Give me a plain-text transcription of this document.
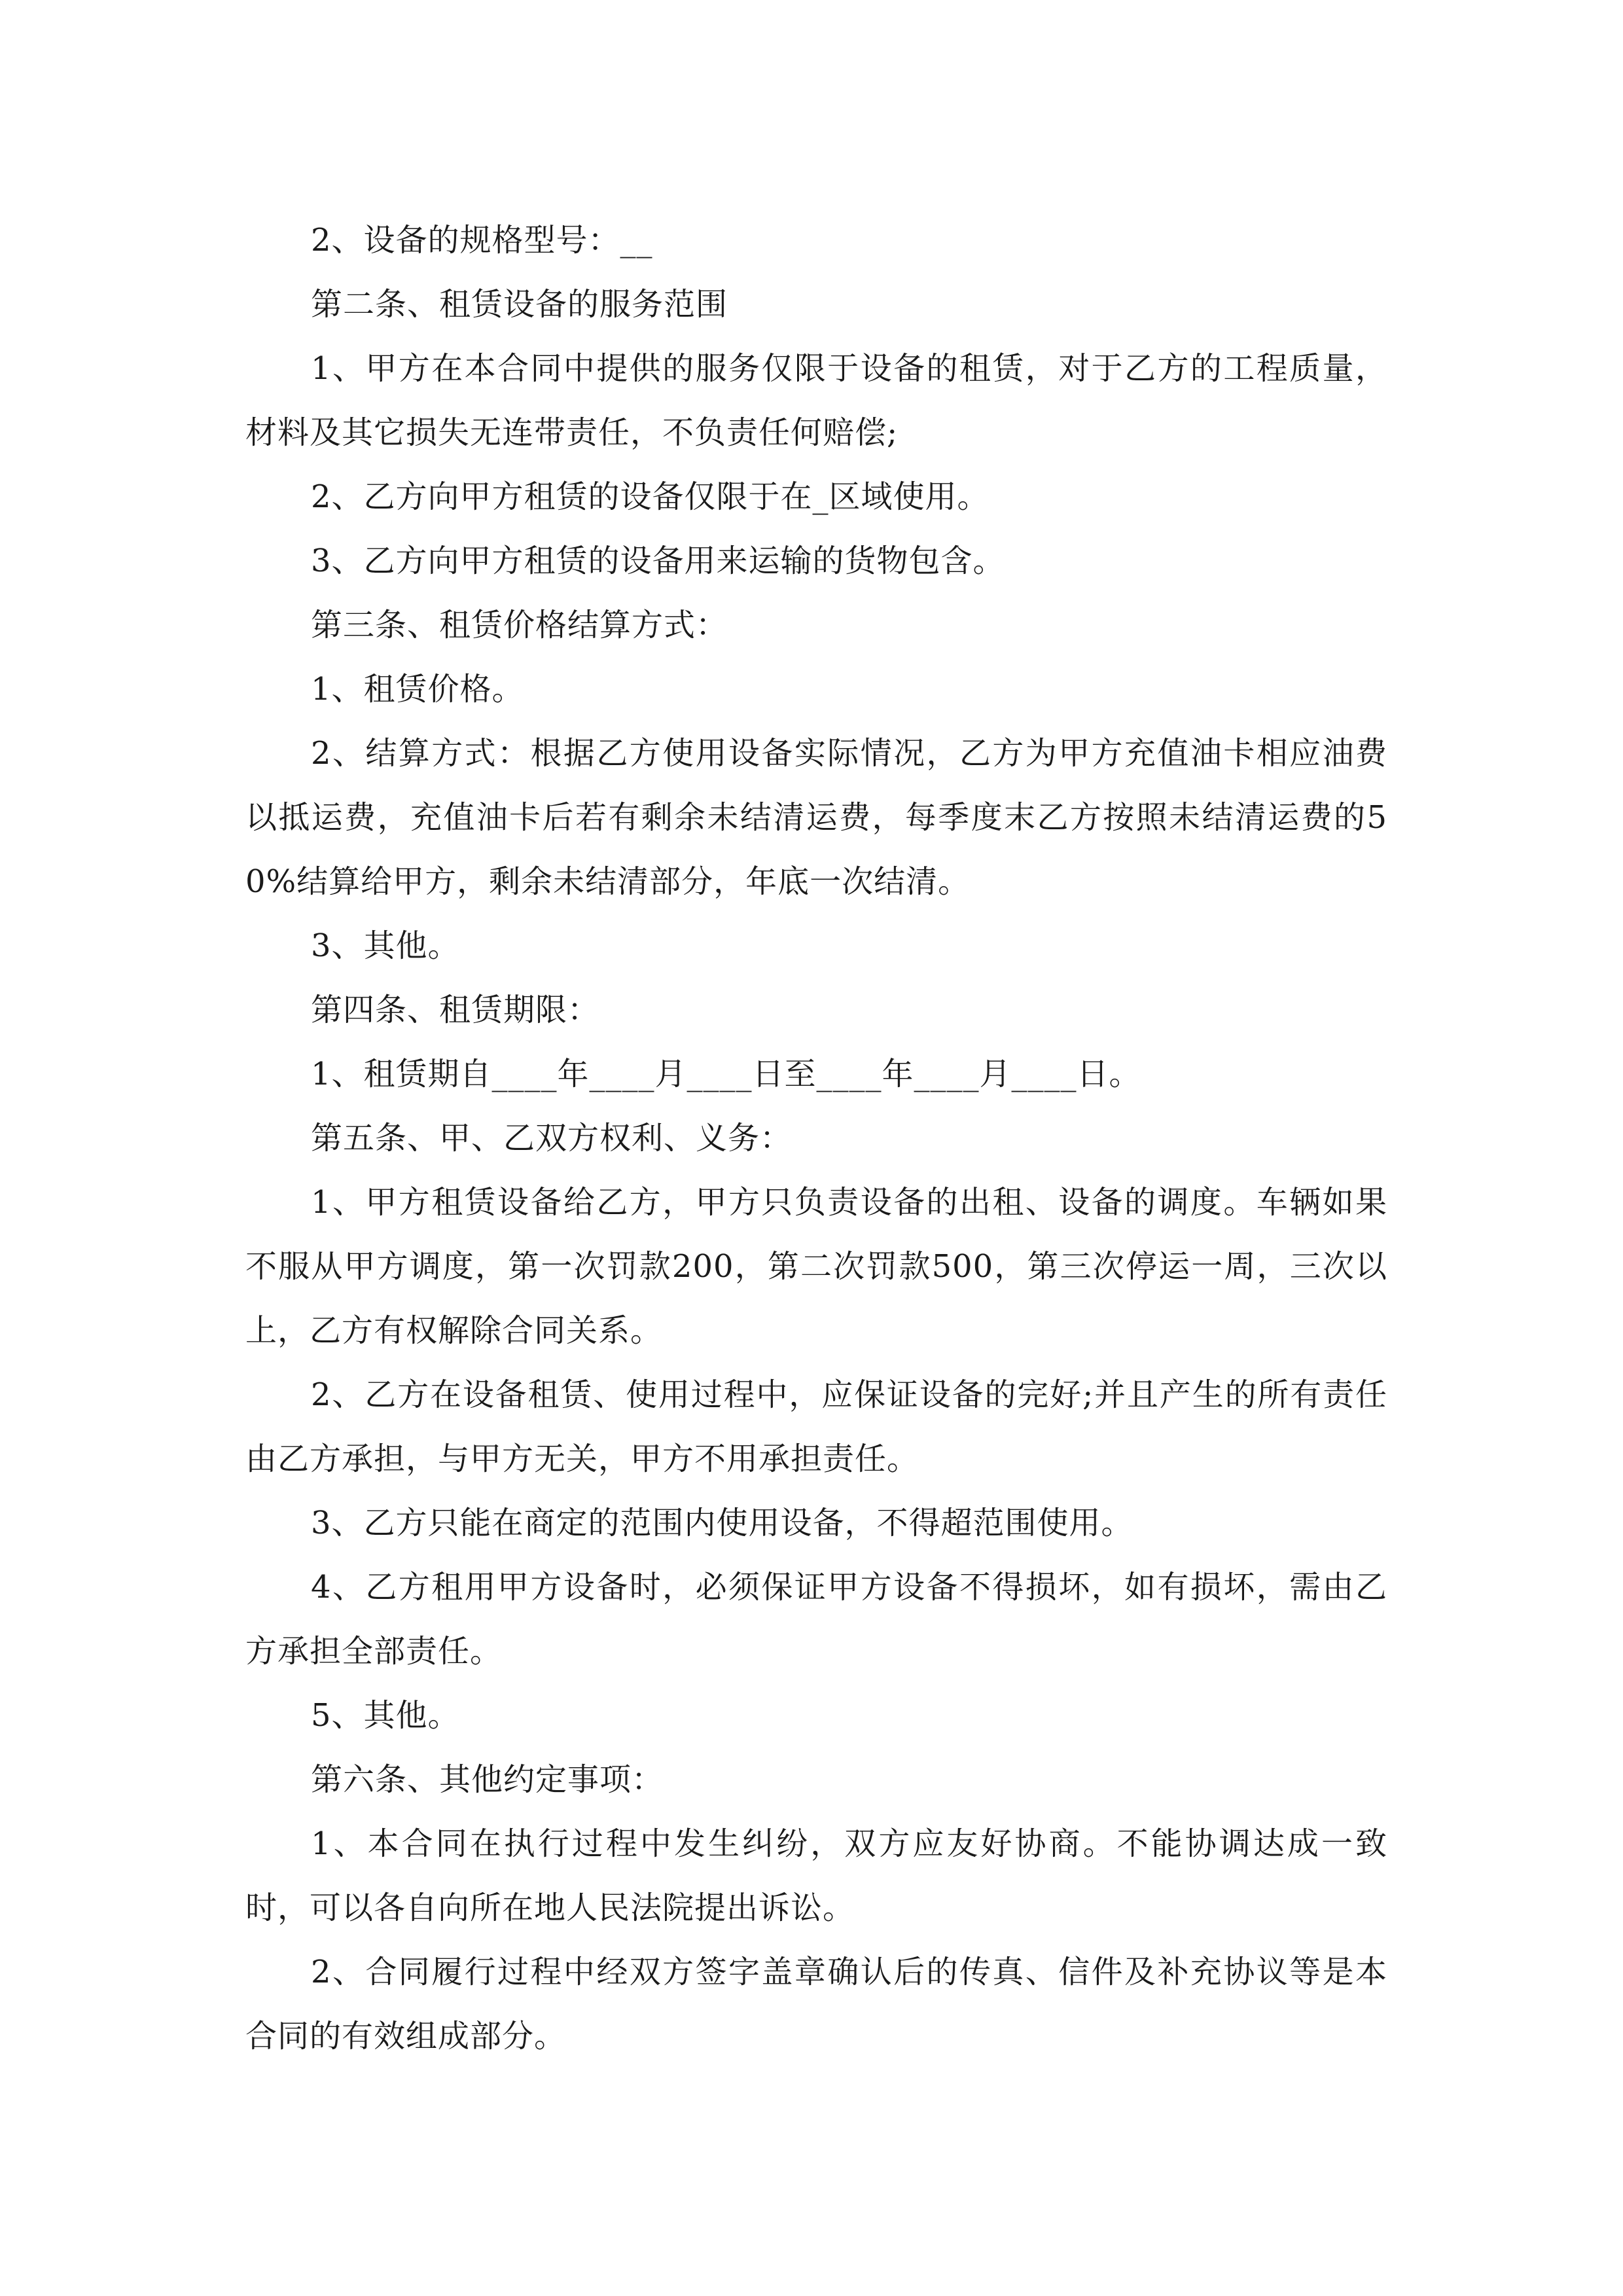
2、设备的规格型号：__

第二条、租赁设备的服务范围

1、甲方在本合同中提供的服务仅限于设备的租赁，对于乙方的工程质量，材料及其它损失无连带责任，不负责任何赔偿;

2、乙方向甲方租赁的设备仅限于在_区域使用。

3、乙方向甲方租赁的设备用来运输的货物包含。

第三条、租赁价格结算方式：

1、租赁价格。

2、结算方式：根据乙方使用设备实际情况，乙方为甲方充值油卡相应油费以抵运费，充值油卡后若有剩余未结清运费，每季度末乙方按照未结清运费的50%结算给甲方，剩余未结清部分，年底一次结清。

3、其他。

第四条、租赁期限：

1、租赁期自____年____月____日至____年____月____日。

第五条、甲、乙双方权利、义务：

1、甲方租赁设备给乙方，甲方只负责设备的出租、设备的调度。车辆如果不服从甲方调度，第一次罚款200，第二次罚款500，第三次停运一周，三次以上，乙方有权解除合同关系。

2、乙方在设备租赁、使用过程中，应保证设备的完好;并且产生的所有责任由乙方承担，与甲方无关，甲方不用承担责任。

3、乙方只能在商定的范围内使用设备，不得超范围使用。

4、乙方租用甲方设备时，必须保证甲方设备不得损坏，如有损坏，需由乙方承担全部责任。

5、其他。

第六条、其他约定事项：

1、本合同在执行过程中发生纠纷，双方应友好协商。不能协调达成一致时，可以各自向所在地人民法院提出诉讼。

2、合同履行过程中经双方签字盖章确认后的传真、信件及补充协议等是本合同的有效组成部分。
